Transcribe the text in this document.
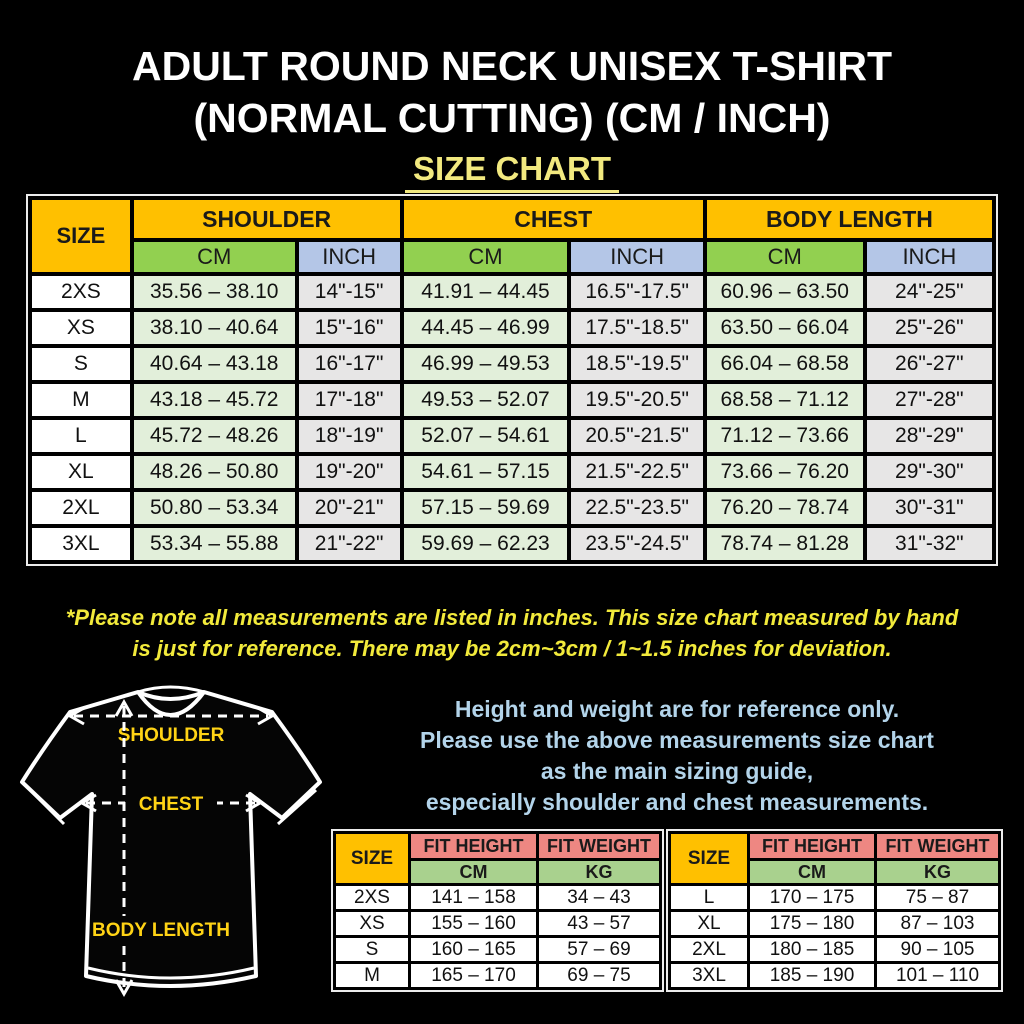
ADULT ROUND NECK UNISEX T-SHIRT
(NORMAL CUTTING) (CM / INCH)
SIZE CHART
SIZE	SHOULDER		CHEST		BODY LENGTH	
	CM	INCH	CM	INCH	CM	INCH
2XS	35.56 – 38.10	14"-15"	41.91 – 44.45	16.5"-17.5"	60.96 – 63.50	24"-25"
XS	38.10 – 40.64	15"-16"	44.45 – 46.99	17.5"-18.5"	63.50 – 66.04	25"-26"
S	40.64 – 43.18	16"-17"	46.99 – 49.53	18.5"-19.5"	66.04 – 68.58	26"-27"
M	43.18 – 45.72	17"-18"	49.53 – 52.07	19.5"-20.5"	68.58 – 71.12	27"-28"
L	45.72 – 48.26	18"-19"	52.07 – 54.61	20.5"-21.5"	71.12 – 73.66	28"-29"
XL	48.26 – 50.80	19"-20"	54.61 – 57.15	21.5"-22.5"	73.66 – 76.20	29"-30"
2XL	50.80 – 53.34	20"-21"	57.15 – 59.69	22.5"-23.5"	76.20 – 78.74	30"-31"
3XL	53.34 – 55.88	21"-22"	59.69 – 62.23	23.5"-24.5"	78.74 – 81.28	31"-32"
*Please note all measurements are listed in inches. This size chart measured by hand
is just for reference. There may be 2cm~3cm / 1~1.5 inches for deviation.
SHOULDER
CHEST
BODY LENGTH
Height and weight are for reference only.
Please use the above measurements size chart
as the main sizing guide,
especially shoulder and chest measurements.
SIZE	FIT HEIGHT	FIT WEIGHT
	CM	KG
2XS	141 – 158	34 – 43
XS	155 – 160	43 – 57
S	160 – 165	57 – 69
M	165 – 170	69 – 75
SIZE	FIT HEIGHT	FIT WEIGHT
	CM	KG
L	170 – 175	75 – 87
XL	175 – 180	87 – 103
2XL	180 – 185	90 – 105
3XL	185 – 190	101 – 110
